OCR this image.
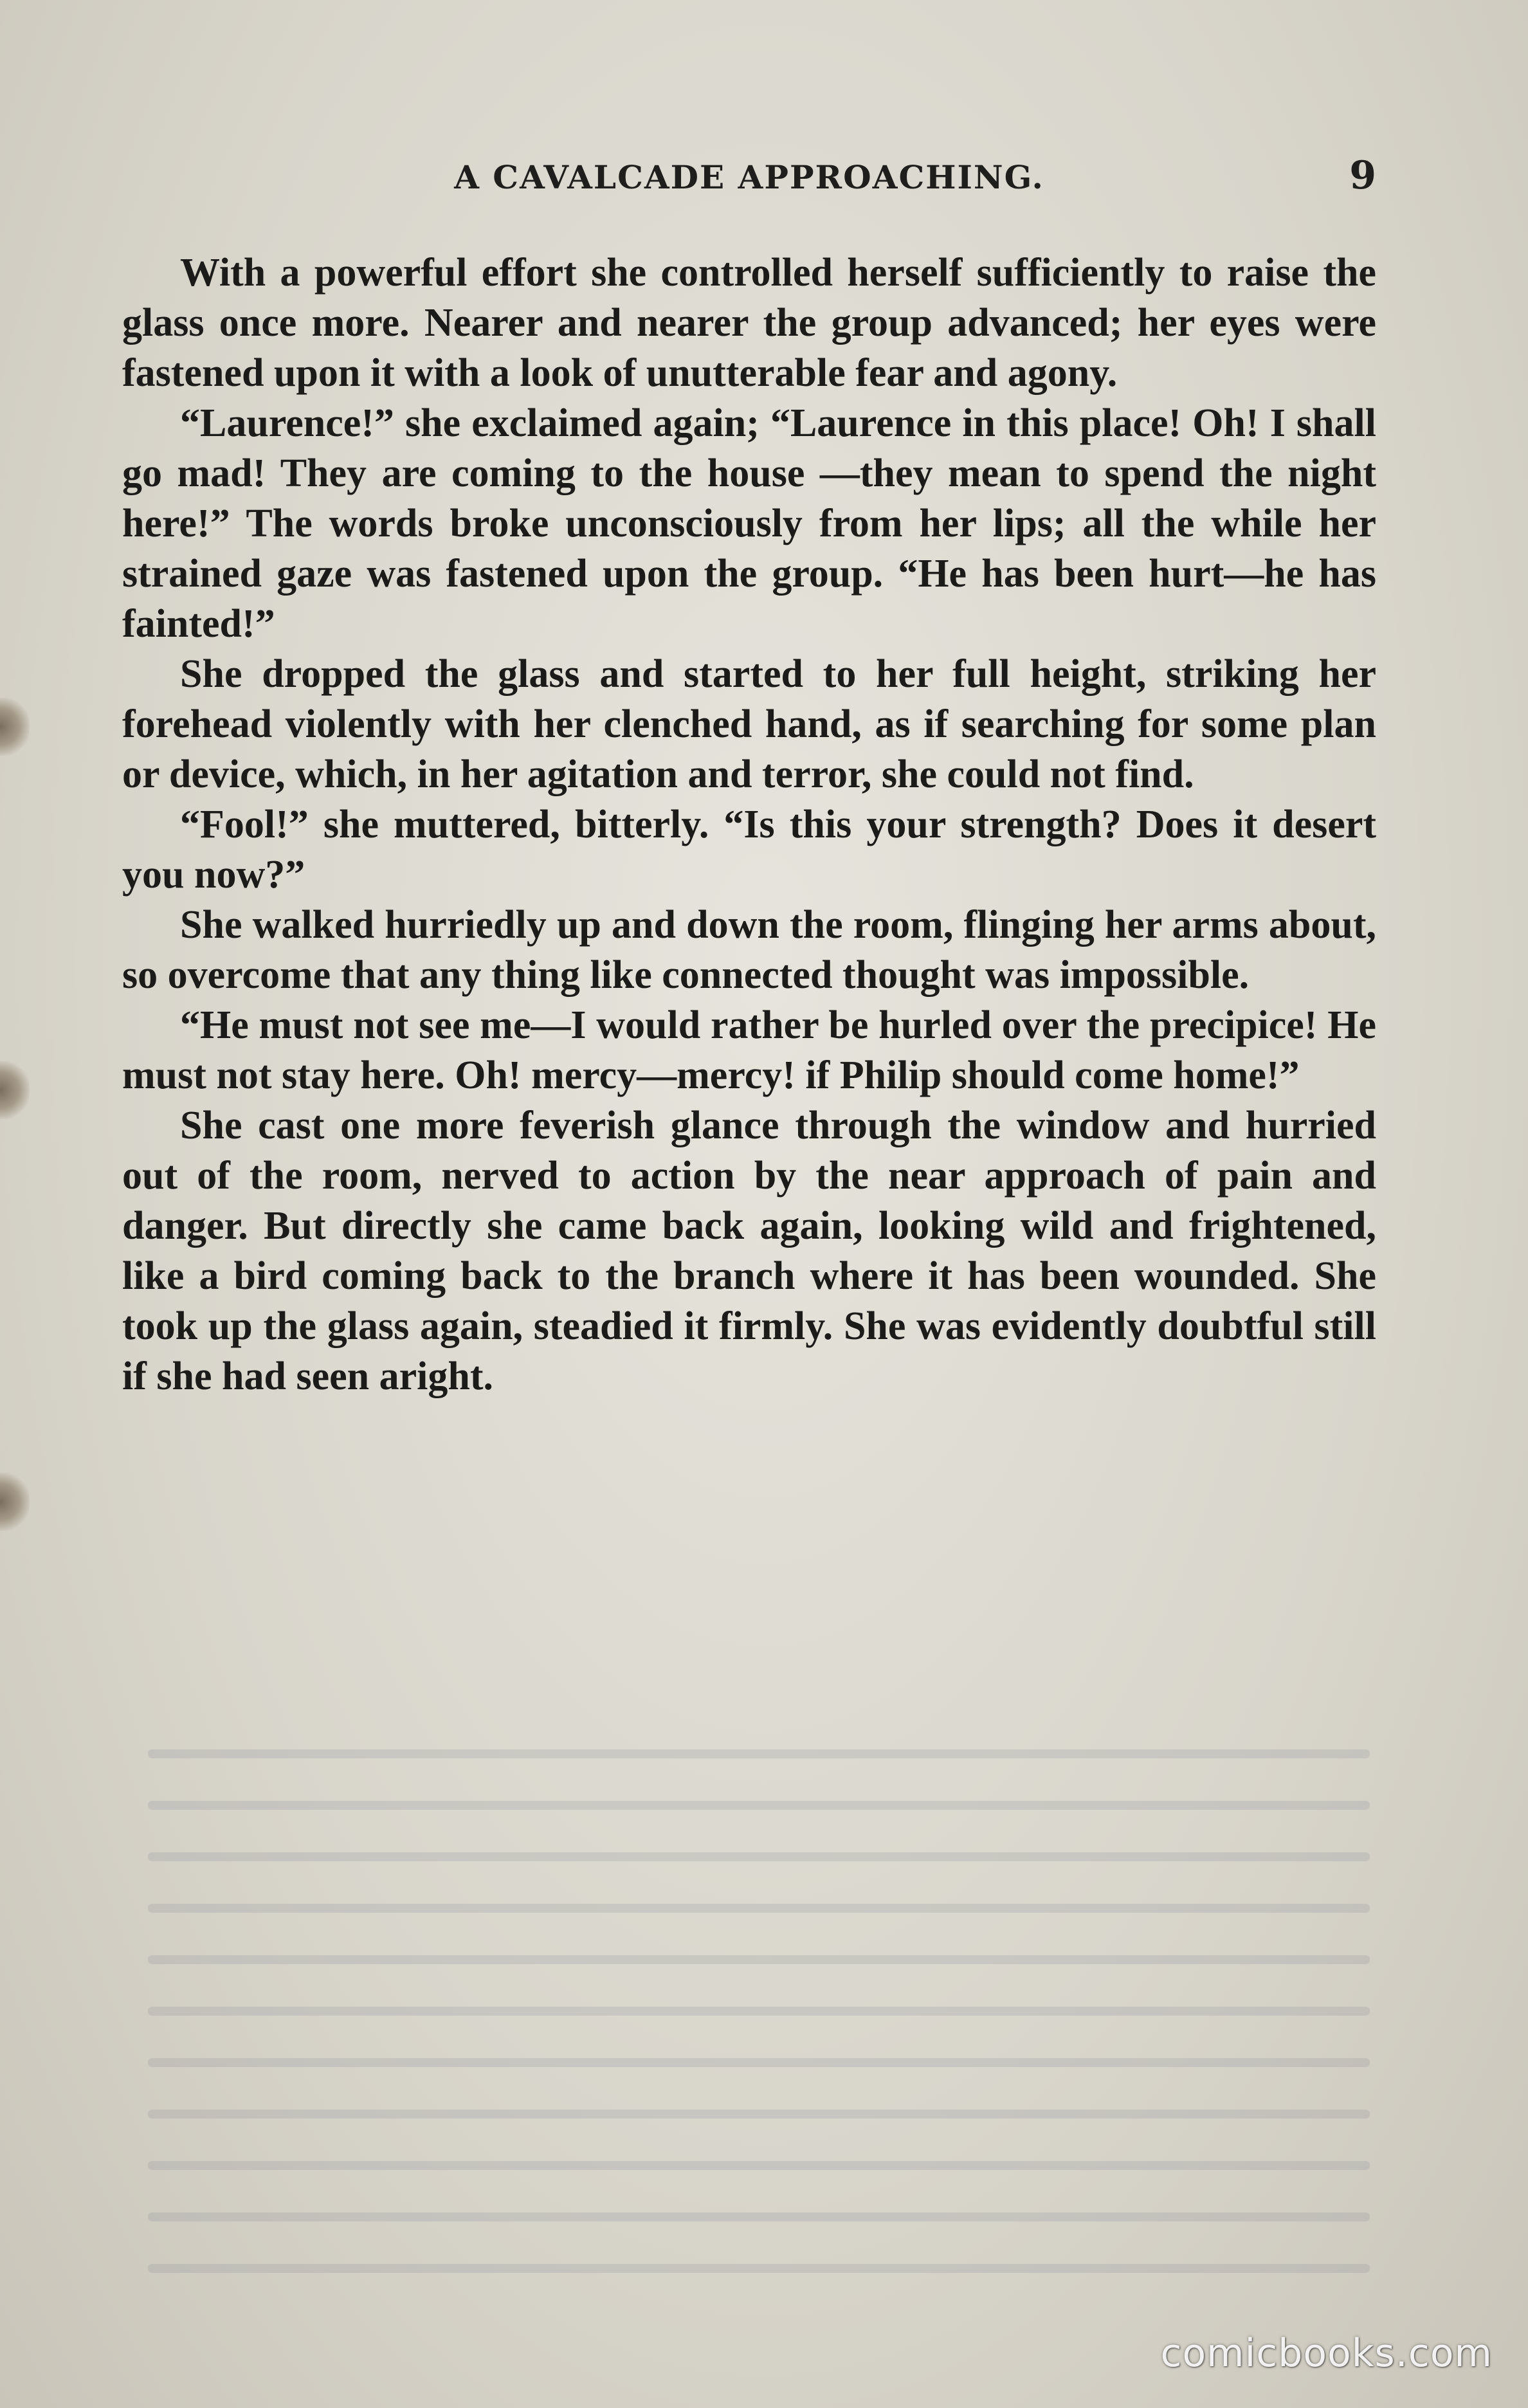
A CAVALCADE APPROACHING.	9

With a powerful effort she controlled herself sufficiently to raise the glass once more. Nearer and nearer the group advanced; her eyes were fastened upon it with a look of unutterable fear and agony.

“Laurence!” she exclaimed again; “Laurence in this place! Oh! I shall go mad! They are coming to the house —they mean to spend the night here!” The words broke unconsciously from her lips; all the while her strained gaze was fastened upon the group. “He has been hurt—he has fainted!”

She dropped the glass and started to her full height, striking her forehead violently with her clenched hand, as if searching for some plan or device, which, in her agitation and terror, she could not find.

“Fool!” she muttered, bitterly. “Is this your strength? Does it desert you now?”

She walked hurriedly up and down the room, flinging her arms about, so overcome that any thing like connected thought was impossible.

“He must not see me—I would rather be hurled over the precipice! He must not stay here. Oh! mercy—mercy! if Philip should come home!”

She cast one more feverish glance through the window and hurried out of the room, nerved to action by the near approach of pain and danger. But directly she came back again, looking wild and frightened, like a bird coming back to the branch where it has been wounded. She took up the glass again, steadied it firmly. She was evidently doubtful still if she had seen aright.

comicbooks.com
